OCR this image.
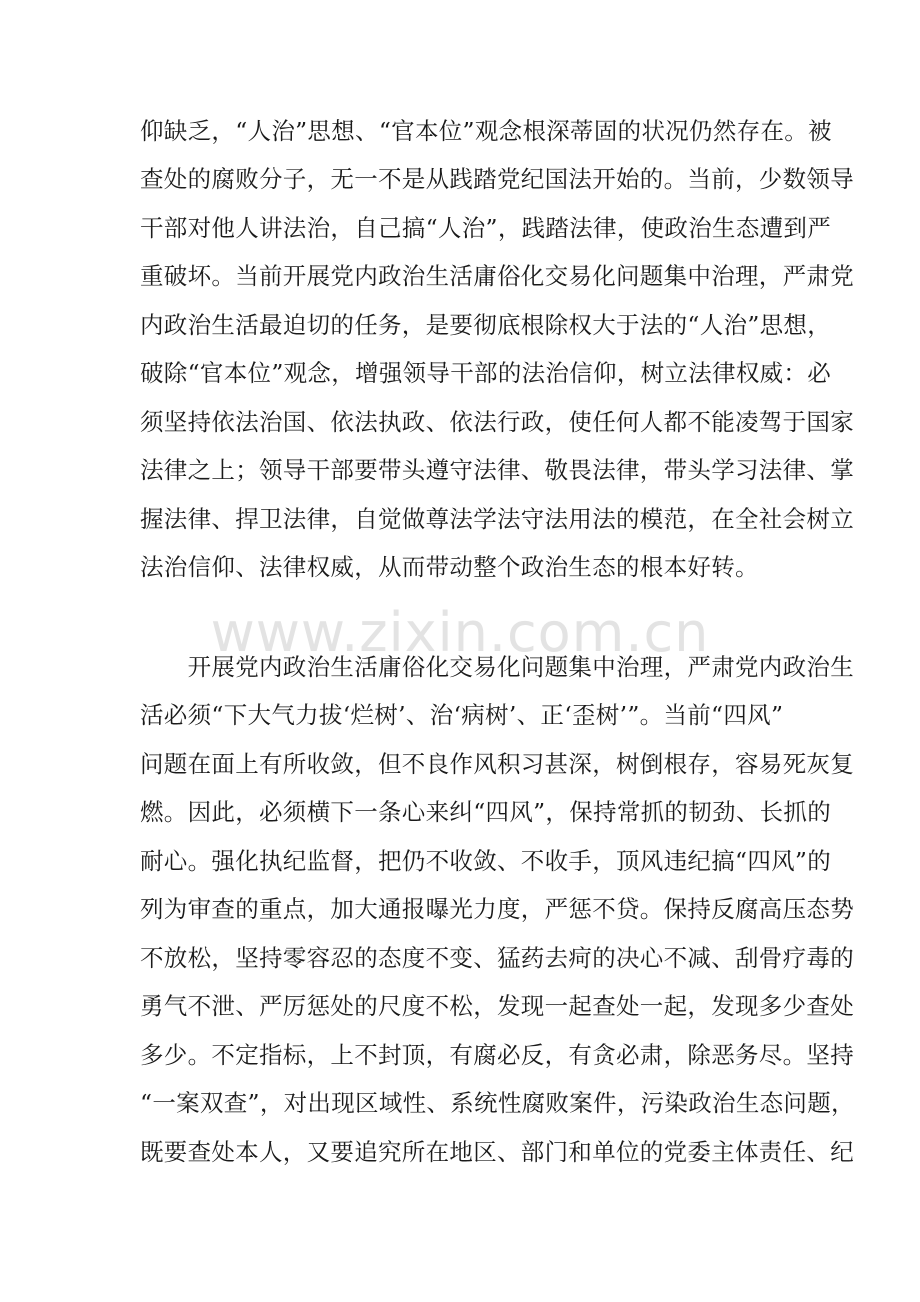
www.zixin.com.cn
仰缺乏，“人治”思想、“官本位”观念根深蒂固的状况仍然存在。被
查处的腐败分子，无一不是从践踏党纪国法开始的。当前，少数领导
干部对他人讲法治，自己搞“人治”，践踏法律，使政治生态遭到严
重破坏。当前开展党内政治生活庸俗化交易化问题集中治理，严肃党
内政治生活最迫切的任务，是要彻底根除权大于法的“人治”思想，
破除“官本位”观念，增强领导干部的法治信仰，树立法律权威：必
须坚持依法治国、依法执政、依法行政，使任何人都不能凌驾于国家
法律之上；领导干部要带头遵守法律、敬畏法律，带头学习法律、掌
握法律、捍卫法律，自觉做尊法学法守法用法的模范，在全社会树立
法治信仰、法律权威，从而带动整个政治生态的根本好转。
　　开展党内政治生活庸俗化交易化问题集中治理，严肃党内政治生
活必须“下大气力拔‘烂树’、治‘病树’、正‘歪树’”。当前“四风”
问题在面上有所收敛，但不良作风积习甚深，树倒根存，容易死灰复
燃。因此，必须横下一条心来纠“四风”，保持常抓的韧劲、长抓的
耐心。强化执纪监督，把仍不收敛、不收手，顶风违纪搞“四风”的
列为审查的重点，加大通报曝光力度，严惩不贷。保持反腐高压态势
不放松，坚持零容忍的态度不变、猛药去疴的决心不减、刮骨疗毒的
勇气不泄、严厉惩处的尺度不松，发现一起查处一起，发现多少查处
多少。不定指标，上不封顶，有腐必反，有贪必肃，除恶务尽。坚持
“一案双查”，对出现区域性、系统性腐败案件，污染政治生态问题，
既要查处本人，又要追究所在地区、部门和单位的党委主体责任、纪
